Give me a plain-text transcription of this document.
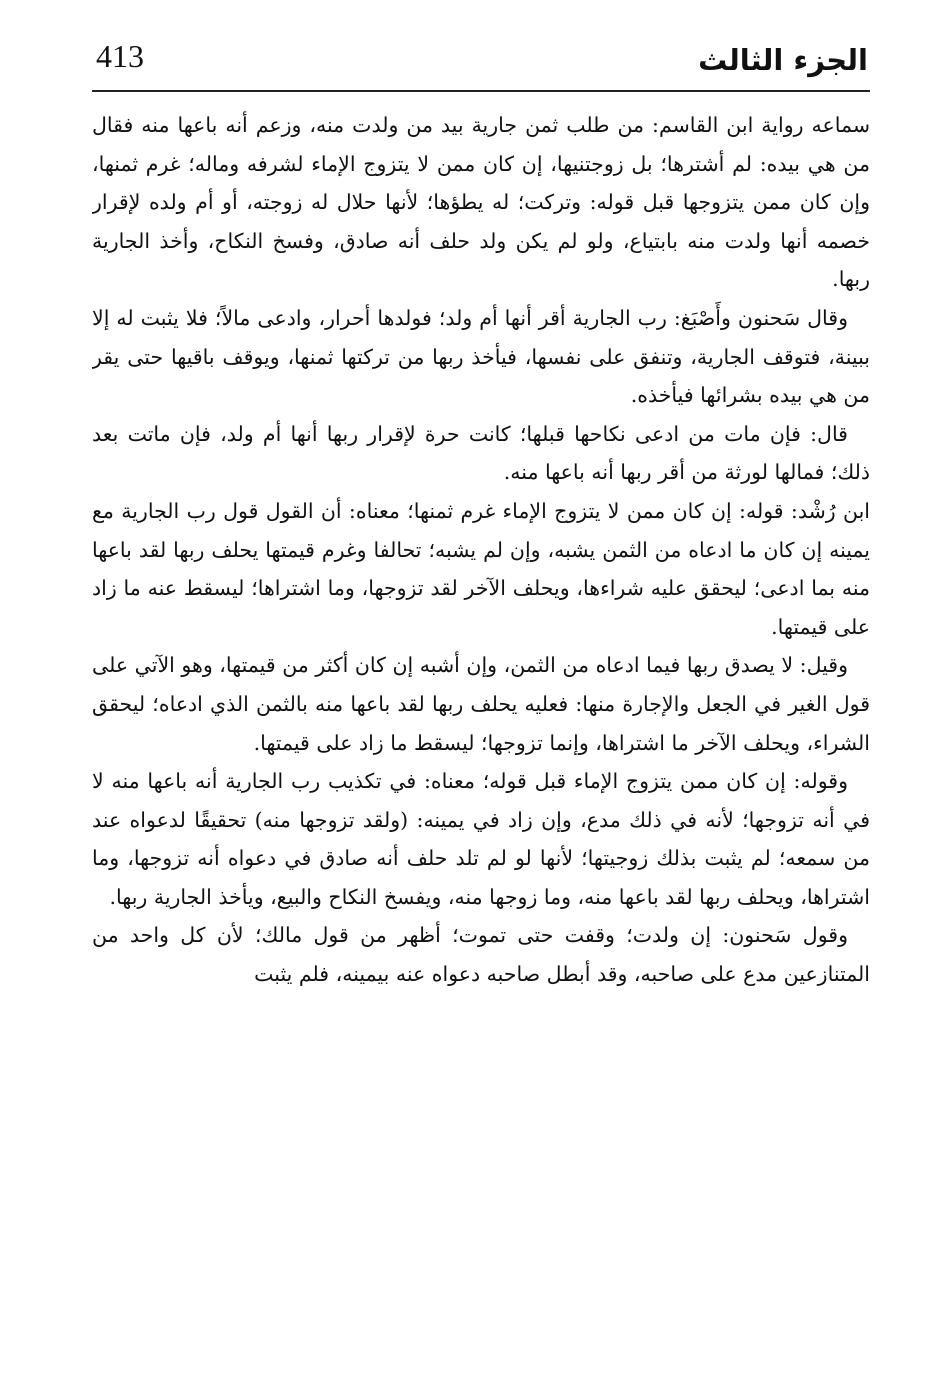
الجزء الثالث
413

سماعه رواية ابن القاسم: من طلب ثمن جارية بيد من ولدت منه، وزعم أنه باعها منه فقال من هي بيده: لم أشترها؛ بل زوجتنيها، إن كان ممن لا يتزوج الإماء لشرفه وماله؛ غرم ثمنها، وإن كان ممن يتزوجها قبل قوله: وتركت؛ له يطؤها؛ لأنها حلال له زوجته، أو أم ولده لإقرار خصمه أنها ولدت منه بابتياع، ولو لم يكن ولد حلف أنه صادق، وفسخ النكاح، وأخذ الجارية ربها.

وقال سَحنون وأَصْبَغ: رب الجارية أقر أنها أم ولد؛ فولدها أحرار، وادعى مالاً؛ فلا يثبت له إلا ببينة، فتوقف الجارية، وتنفق على نفسها، فيأخذ ربها من تركتها ثمنها، ويوقف باقيها حتى يقر من هي بيده بشرائها فيأخذه.

قال: فإن مات من ادعى نكاحها قبلها؛ كانت حرة لإقرار ربها أنها أم ولد، فإن ماتت بعد ذلك؛ فمالها لورثة من أقر ربها أنه باعها منه.

ابن رُشْد: قوله: إن كان ممن لا يتزوج الإماء غرم ثمنها؛ معناه: أن القول قول رب الجارية مع يمينه إن كان ما ادعاه من الثمن يشبه، وإن لم يشبه؛ تحالفا وغرم قيمتها يحلف ربها لقد باعها منه بما ادعى؛ ليحقق عليه شراءها، ويحلف الآخر لقد تزوجها، وما اشتراها؛ ليسقط عنه ما زاد على قيمتها.

وقيل: لا يصدق ربها فيما ادعاه من الثمن، وإن أشبه إن كان أكثر من قيمتها، وهو الآتي على قول الغير في الجعل والإجارة منها: فعليه يحلف ربها لقد باعها منه بالثمن الذي ادعاه؛ ليحقق الشراء، ويحلف الآخر ما اشتراها، وإنما تزوجها؛ ليسقط ما زاد على قيمتها.

وقوله: إن كان ممن يتزوج الإماء قبل قوله؛ معناه: في تكذيب رب الجارية أنه باعها منه لا في أنه تزوجها؛ لأنه في ذلك مدع، وإن زاد في يمينه: (ولقد تزوجها منه) تحقيقًا لدعواه عند من سمعه؛ لم يثبت بذلك زوجيتها؛ لأنها لو لم تلد حلف أنه صادق في دعواه أنه تزوجها، وما اشتراها، ويحلف ربها لقد باعها منه، وما زوجها منه، ويفسخ النكاح والبيع، ويأخذ الجارية ربها.

وقول سَحنون: إن ولدت؛ وقفت حتى تموت؛ أظهر من قول مالك؛ لأن كل واحد من المتنازعين مدع على صاحبه، وقد أبطل صاحبه دعواه عنه بيمينه، فلم يثبت
